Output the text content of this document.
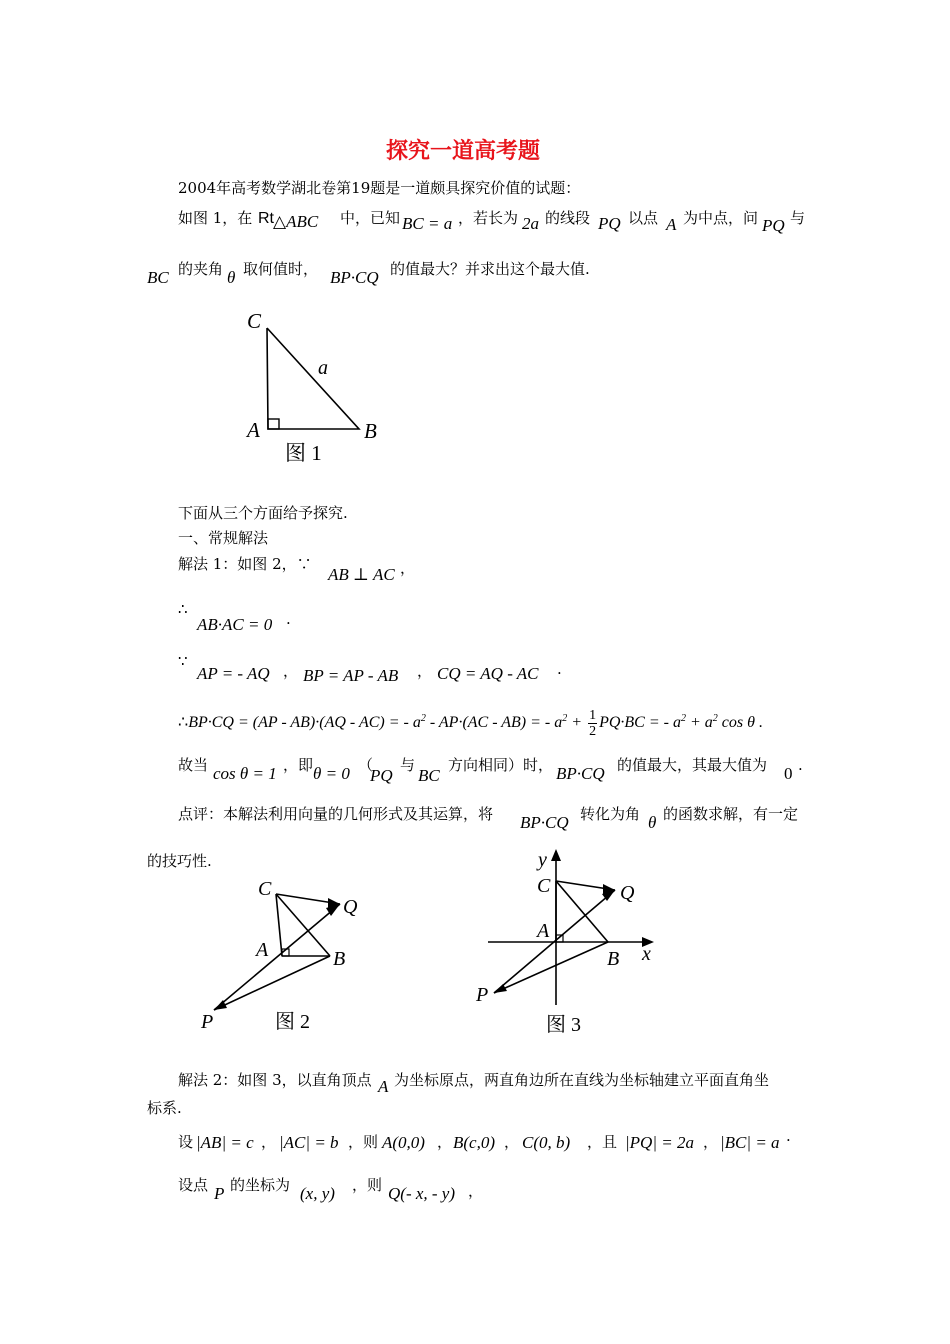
探究一道高考题
2004年高考数学湖北卷第19题是一道颇具探究价值的试题：
如图 1，在 Rt △ABC 中，已知 BC = a ，若长为 2a 的线段 PQ 以点 A 为中点，问 PQ 与
BC 的夹角 θ 取何值时， BP·CQ 的值最大？并求出这个最大值.
C
A	B
a
图 1
下面从三个方面给予探究.
一、常规解法
解法 1：如图 2，∵
AB ⊥ AC ，
∴
AB·AC = 0 .
∵
AP = - AQ ， BP = AP - AB ， CQ = AQ - AC .
∴BP·CQ = (AP - AB)·(AQ - AC) = - $a^2 - AP\cdot(AC - AB)$ = - $a^2 + \frac{1}{2} PQ\cdot BC$ = - $a^2 + a^2$ cos θ .
故当 cos θ = 1 ，即 θ = 0 （
PQ
与
BC
方向相同）时， BP·CQ 的值最大，其最大值为 0 .
点评：本解法利用向量的几何形式及其运算，将 BP·CQ 转化为角 θ 的函数求解，有一定
的技巧性.
C
Q
A	B
P	图 2
y
C	Q
A
B x
P
图 3
解法 2：如图 3，以直角顶点 A 为坐标原点，两直角边所在直线为坐标轴建立平面直角坐
标系.
设 |AB| = c ， |AC| = b ，则 A(0,0) ， B(c,0) ， C(0, b) ，且 |PQ| = 2a ， |BC| = a ·
设点 P 的坐标为 (x, y) ，则 Q(- x, - y) ，
